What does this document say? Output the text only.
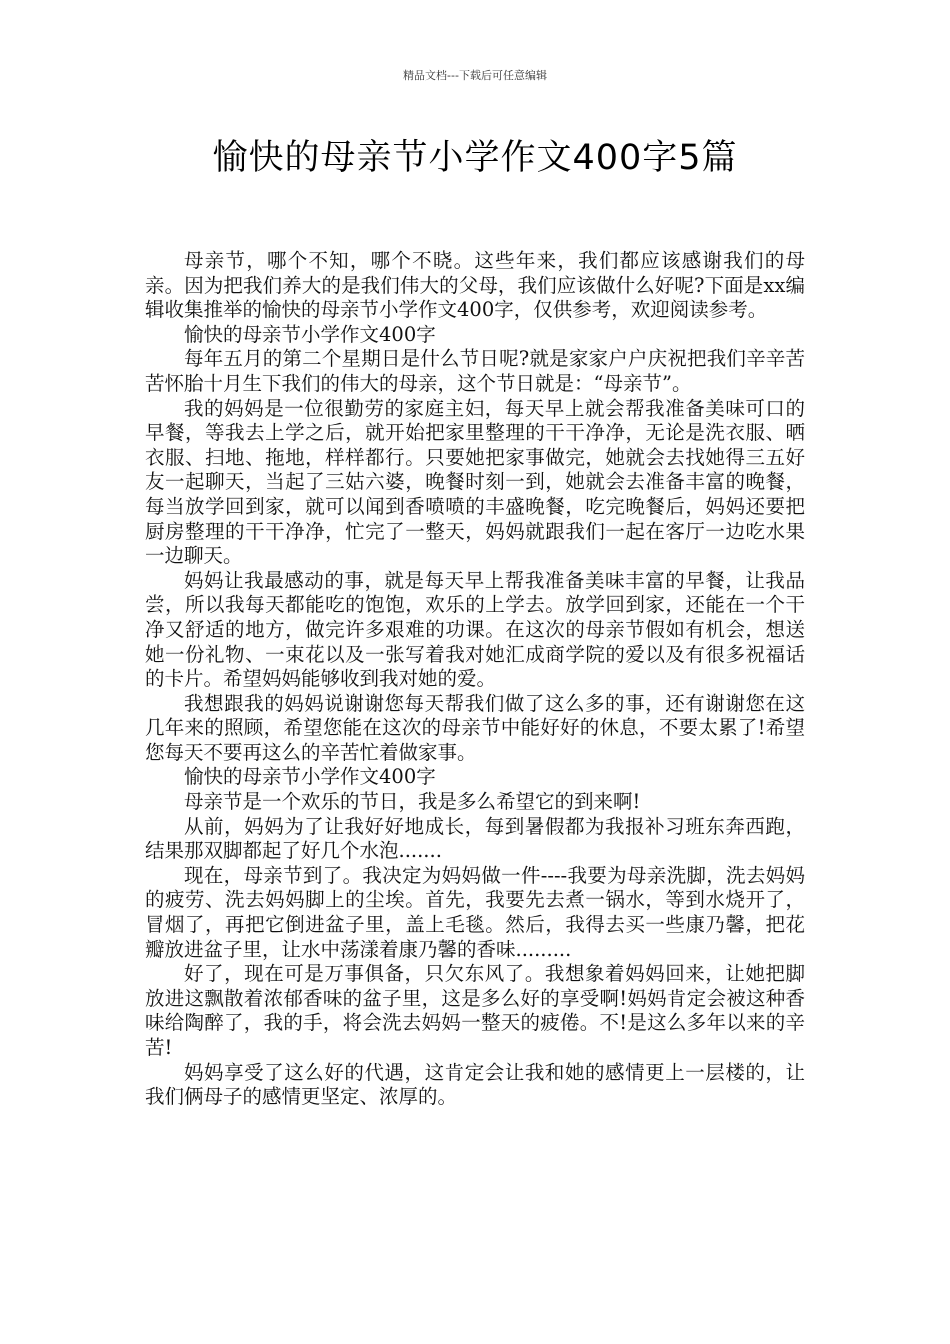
精品文档---下载后可任意编辑
愉快的母亲节小学作文400字5篇

母亲节，哪个不知，哪个不晓。这些年来，我们都应该感谢我们的母亲。因为把我们养大的是我们伟大的父母，我们应该做什么好呢?下面是xx编辑收集推举的愉快的母亲节小学作文400字，仅供参考，欢迎阅读参考。

愉快的母亲节小学作文400字

每年五月的第二个星期日是什么节日呢?就是家家户户庆祝把我们辛辛苦苦怀胎十月生下我们的伟大的母亲，这个节日就是：“母亲节”。

我的妈妈是一位很勤劳的家庭主妇，每天早上就会帮我准备美味可口的早餐，等我去上学之后，就开始把家里整理的干干净净，无论是洗衣服、晒衣服、扫地、拖地，样样都行。只要她把家事做完，她就会去找她得三五好友一起聊天，当起了三姑六婆，晚餐时刻一到，她就会去准备丰富的晚餐，每当放学回到家，就可以闻到香喷喷的丰盛晚餐，吃完晚餐后，妈妈还要把厨房整理的干干净净，忙完了一整天，妈妈就跟我们一起在客厅一边吃水果一边聊天。

妈妈让我最感动的事，就是每天早上帮我准备美味丰富的早餐，让我品尝，所以我每天都能吃的饱饱，欢乐的上学去。放学回到家，还能在一个干净又舒适的地方，做完许多艰难的功课。在这次的母亲节假如有机会，想送她一份礼物、一束花以及一张写着我对她汇成商学院的爱以及有很多祝福话的卡片。希望妈妈能够收到我对她的爱。

我想跟我的妈妈说谢谢您每天帮我们做了这么多的事，还有谢谢您在这几年来的照顾，希望您能在这次的母亲节中能好好的休息，不要太累了!希望您每天不要再这么的辛苦忙着做家事。

愉快的母亲节小学作文400字

母亲节是一个欢乐的节日，我是多么希望它的到来啊!

从前，妈妈为了让我好好地成长，每到暑假都为我报补习班东奔西跑，结果那双脚都起了好几个水泡.......

现在，母亲节到了。我决定为妈妈做一件----我要为母亲洗脚，洗去妈妈的疲劳、洗去妈妈脚上的尘埃。首先，我要先去煮一锅水，等到水烧开了，冒烟了，再把它倒进盆子里，盖上毛毯。然后，我得去买一些康乃馨，把花瓣放进盆子里，让水中荡漾着康乃馨的香味.........

好了，现在可是万事俱备，只欠东风了。我想象着妈妈回来，让她把脚放进这飘散着浓郁香味的盆子里，这是多么好的享受啊!妈妈肯定会被这种香味给陶醉了，我的手，将会洗去妈妈一整天的疲倦。不!是这么多年以来的辛苦!

妈妈享受了这么好的代遇，这肯定会让我和她的感情更上一层楼的，让我们俩母子的感情更坚定、浓厚的。
